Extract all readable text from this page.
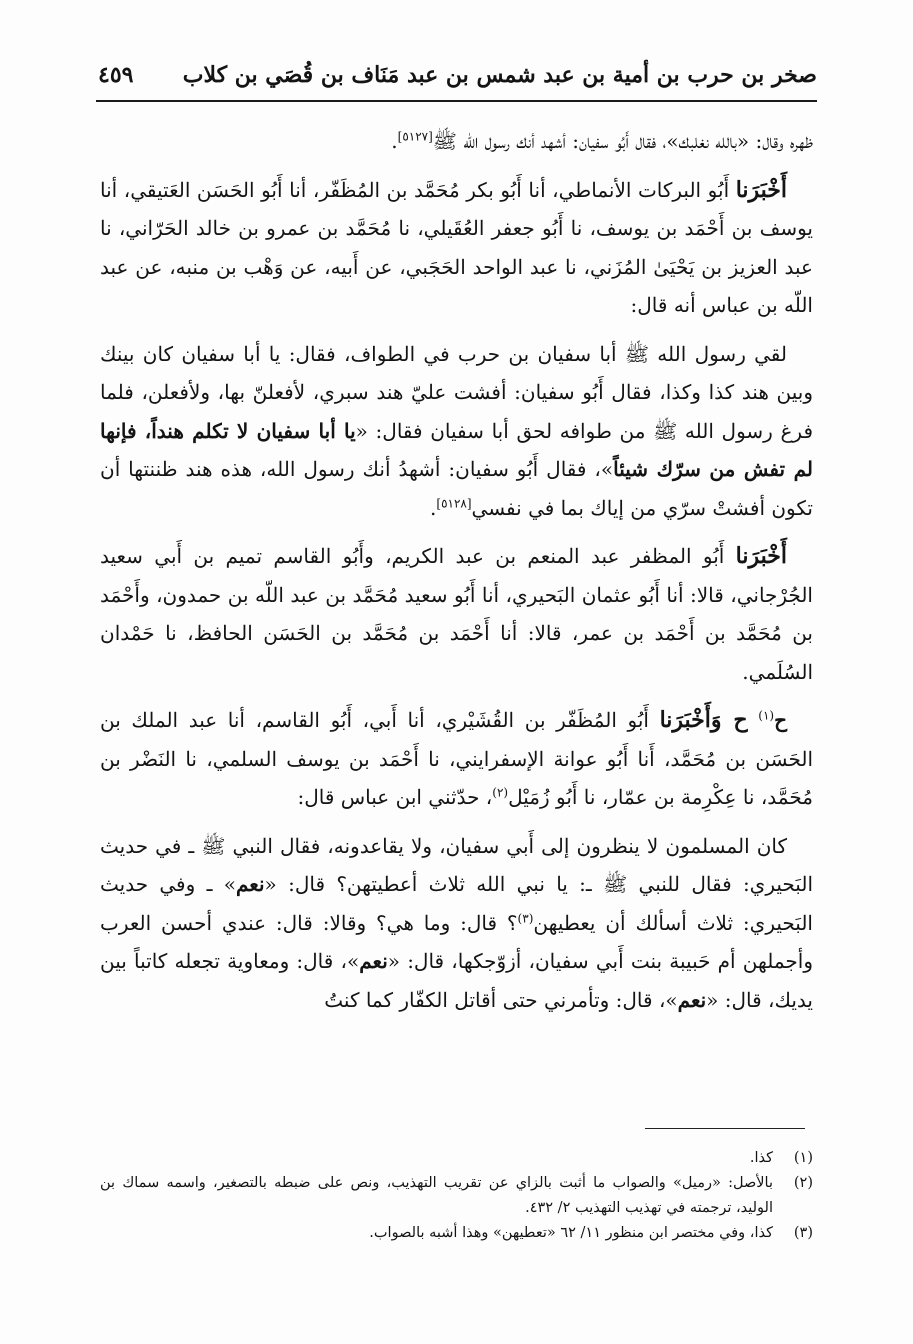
صخر بن حرب بن أمية بن عبد شمس بن عبد مَنَاف بن قُصَي بن كلاب
٤٥٩

ظهره وقال: «بالله نغلبك»، فقال أَبُو سفيان: أشهد أنك رسول الله ﷺ[٥١٢٧].

أَخْبَرَنا أَبُو البركات الأنماطي، أنا أَبُو بكر مُحَمَّد بن المُظَفّر، أنا أَبُو الحَسَن العَتيقي، أنا يوسف بن أَحْمَد بن يوسف، نا أَبُو جعفر العُقَيلي، نا مُحَمَّد بن عمرو بن خالد الحَرّاني، نا عبد العزيز بن يَحْيَىٰ المُزَني، نا عبد الواحد الحَجَبي، عن أَبيه، عن وَهْب بن منبه، عن عبد اللّه بن عباس أنه قال:

لقي رسول الله ﷺ أبا سفيان بن حرب في الطواف، فقال: يا أبا سفيان كان بينك وبين هند كذا وكذا، فقال أَبُو سفيان: أفشت عليّ هند سبري، لأفعلنّ بها، ولأفعلن، فلما فرغ رسول الله ﷺ من طوافه لحق أبا سفيان فقال: «يا أبا سفيان لا تكلم هنداً، فإنها لم تفش من سرّك شيئاً»، فقال أَبُو سفيان: أشهدُ أنك رسول الله، هذه هند ظننتها أن تكون أفشتْ سرّي من إياك بما في نفسي[٥١٢٨].

أَخْبَرَنا أَبُو المظفر عبد المنعم بن عبد الكريم، وأَبُو القاسم تميم بن أَبي سعيد الجُرْجاني، قالا: أنا أَبُو عثمان البَحيري، أنا أَبُو سعيد مُحَمَّد بن عبد اللّه بن حمدون، وأَحْمَد بن مُحَمَّد بن أَحْمَد بن عمر، قالا: أنا أَحْمَد بن مُحَمَّد بن الحَسَن الحافظ، نا حَمْدان السُلَمي.

ح$^{(١)}$ ح وَأَخْبَرَنا أَبُو المُظَفّر بن القُشَيْري، أنا أَبي، أَبُو القاسم، أنا عبد الملك بن الحَسَن بن مُحَمَّد، أَنا أَبُو عوانة الإسفرايني، نا أَحْمَد بن يوسف السلمي، نا النَضْر بن مُحَمَّد، نا عِكْرِمة بن عمّار، نا أَبُو زُمَيْل$^{(٢)}$، حدّثني ابن عباس قال:

كان المسلمون لا ينظرون إلى أَبي سفيان، ولا يقاعدونه، فقال النبي ﷺ ـ في حديث البَحيري: فقال للنبي ﷺ ـ: يا نبي الله ثلاث أعطيتهن؟ قال: «نعم» ـ وفي حديث البَحيري: ثلاث أسألك أن يعطيهن$^{(٣)}$؟ قال: وما هي؟ وقالا: قال: عندي أحسن العرب وأجملهن أم حَبيبة بنت أَبي سفيان، أزوّجكها، قال: «نعم»، قال: ومعاوية تجعله كاتباً بين يديك، قال: «نعم»، قال: وتأمرني حتى أقاتل الكفّار كما كنتُ

(١)
كذا.
(٢)
بالأصل: «رميل» والصواب ما أثبت بالزاي عن تقريب التهذيب، ونص على ضبطه بالتصغير، واسمه سماك بن الوليد، ترجمته في تهذيب التهذيب ٢/ ٤٣٢.
(٣)
كذا، وفي مختصر ابن منظور ١١/ ٦٢ «تعطيهن» وهذا أشبه بالصواب.
